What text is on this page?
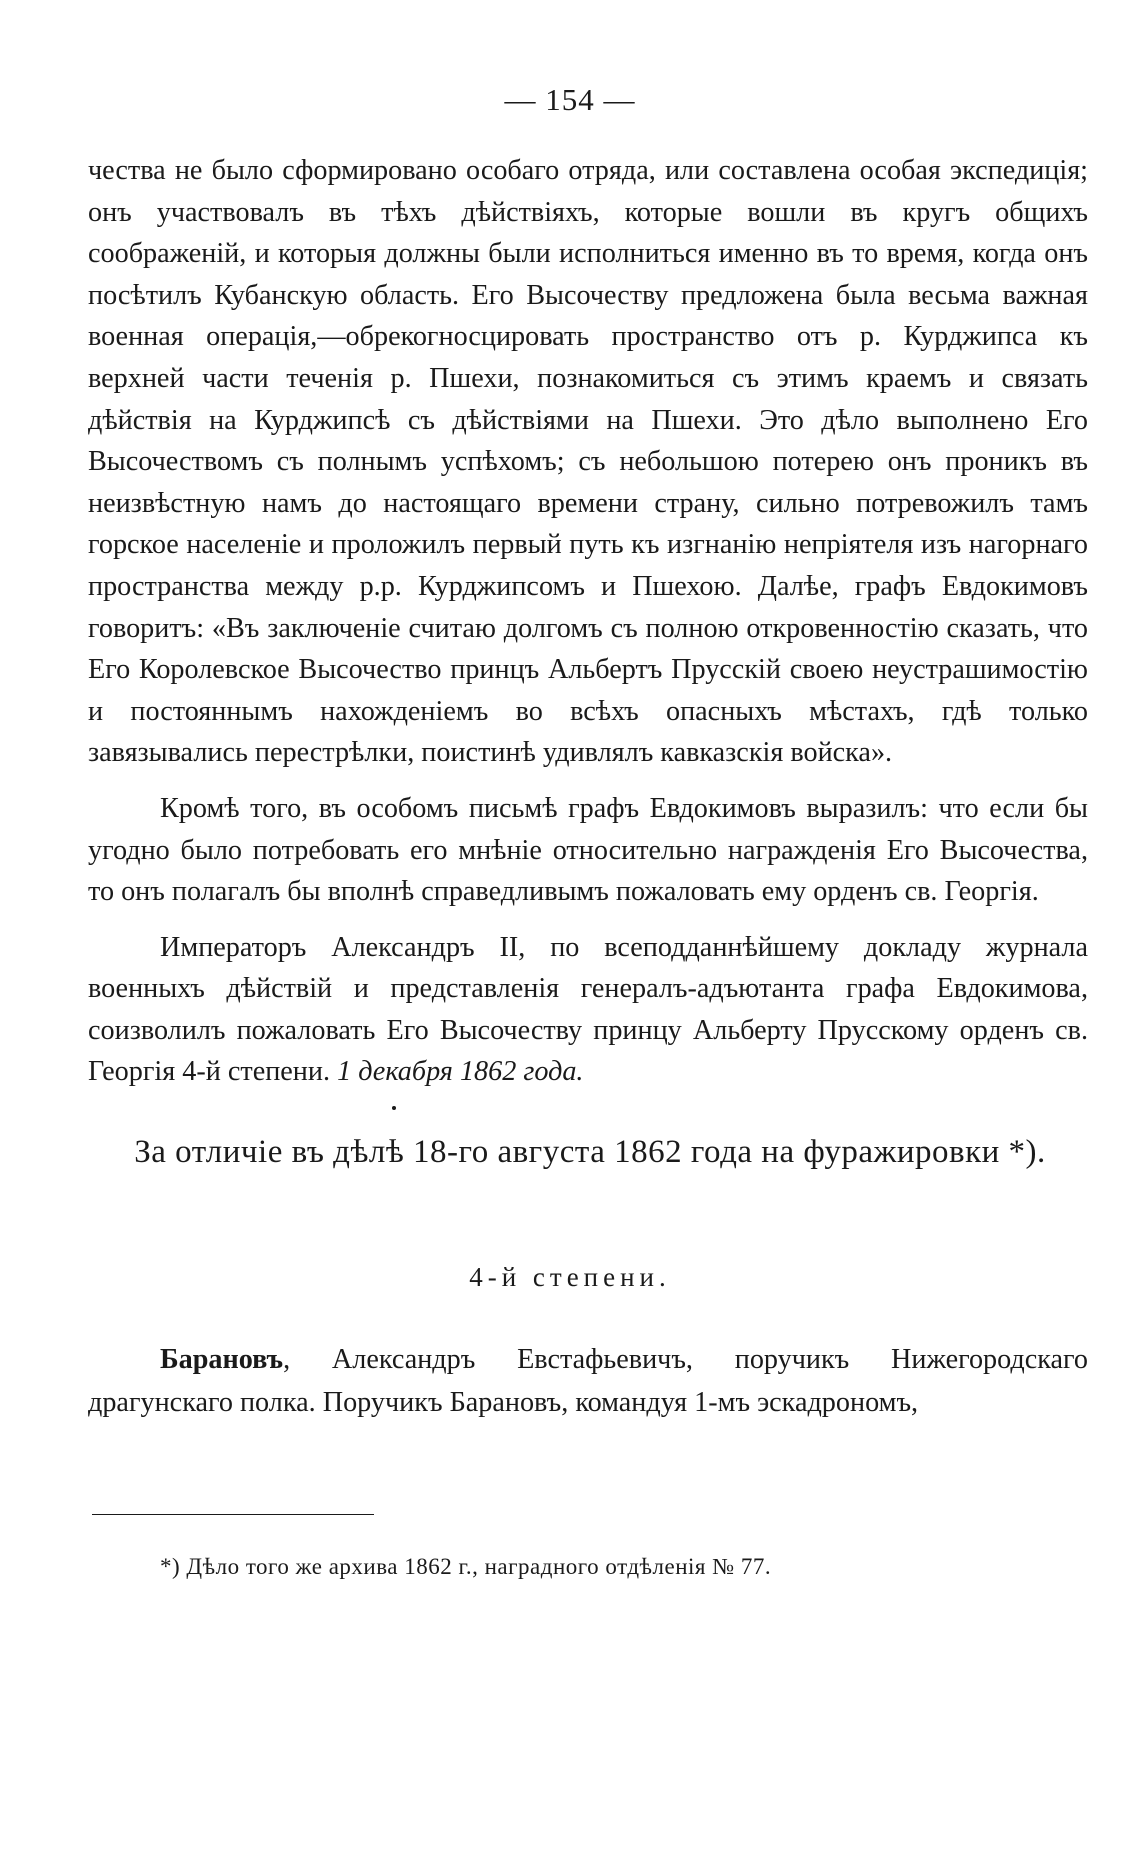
— 154 —

чества не было сформировано особаго отряда, или составлена особая экспедиція; онъ участвовалъ въ тѣхъ дѣйствіяхъ, которые вошли въ кругъ общихъ соображеній, и которыя должны были исполниться именно въ то время, когда онъ посѣтилъ Кубанскую область. Его Высочеству предложена была весьма важная военная операція,—обрекогносцировать пространство отъ р. Курджипса къ верхней части теченія р. Пшехи, познакомиться съ этимъ краемъ и связать дѣйствія на Курджипсѣ съ дѣйствіями на Пшехи. Это дѣло выполнено Его Высочествомъ съ полнымъ успѣхомъ; съ небольшою потерею онъ проникъ въ неизвѣстную намъ до настоящаго времени страну, сильно потревожилъ тамъ горское населеніе и проложилъ первый путь къ изгнанію непріятеля изъ нагорнаго пространства между р.р. Курджипсомъ и Пшехою. Далѣе, графъ Евдокимовъ говоритъ: «Въ заключеніе считаю долгомъ съ полною откровенностію сказать, что Его Королевское Высочество принцъ Альбертъ Прусскій своею неустрашимостію и постояннымъ нахожденіемъ во всѣхъ опасныхъ мѣстахъ, гдѣ только завязывались перестрѣлки, поистинѣ удивлялъ кавказскія войска».

Кромѣ того, въ особомъ письмѣ графъ Евдокимовъ выразилъ: что если бы угодно было потребовать его мнѣніе относительно награжденія Его Высочества, то онъ полагалъ бы вполнѣ справедливымъ пожаловать ему орденъ св. Георгія.

Императоръ Александръ II, по всеподданнѣйшему докладу журнала военныхъ дѣйствій и представленія генералъ-адъютанта графа Евдокимова, соизволилъ пожаловать Его Высочеству принцу Альберту Прусскому орденъ св. Георгія 4-й степени. 1 декабря 1862 года.

За отличіе въ дѣлѣ 18-го августа 1862 года на фуражировки *).
4-й степени.

Барановъ, Александръ Евстафьевичъ, поручикъ Нижегородскаго драгунскаго полка. Поручикъ Барановъ, командуя 1-мъ эскадрономъ,

*) Дѣло того же архива 1862 г., наградного отдѣленія № 77.
